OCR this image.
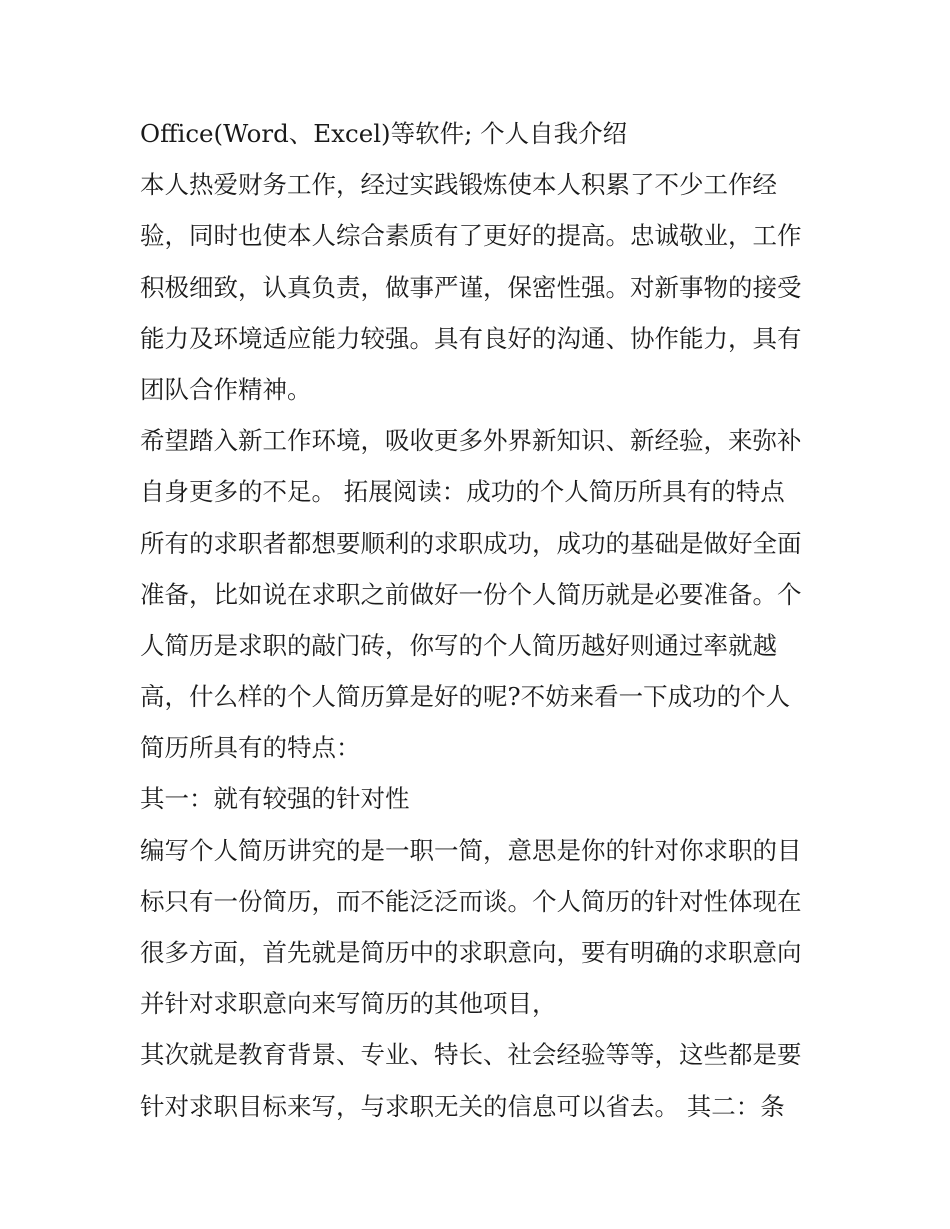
Office(Word、Excel)等软件; 个人自我介绍
本人热爱财务工作，经过实践锻炼使本人积累了不少工作经
验，同时也使本人综合素质有了更好的提高。忠诚敬业，工作
积极细致，认真负责，做事严谨，保密性强。对新事物的接受
能力及环境适应能力较强。具有良好的沟通、协作能力，具有
团队合作精神。
希望踏入新工作环境，吸收更多外界新知识、新经验，来弥补
自身更多的不足。 拓展阅读：成功的个人简历所具有的特点
所有的求职者都想要顺利的求职成功，成功的基础是做好全面
准备，比如说在求职之前做好一份个人简历就是必要准备。个
人简历是求职的敲门砖，你写的个人简历越好则通过率就越
高，什么样的个人简历算是好的呢?不妨来看一下成功的个人
简历所具有的特点：
其一：就有较强的针对性
编写个人简历讲究的是一职一简，意思是你的针对你求职的目
标只有一份简历，而不能泛泛而谈。个人简历的针对性体现在
很多方面，首先就是简历中的求职意向，要有明确的求职意向
并针对求职意向来写简历的其他项目，
其次就是教育背景、专业、特长、社会经验等等，这些都是要
针对求职目标来写，与求职无关的信息可以省去。 其二：条
